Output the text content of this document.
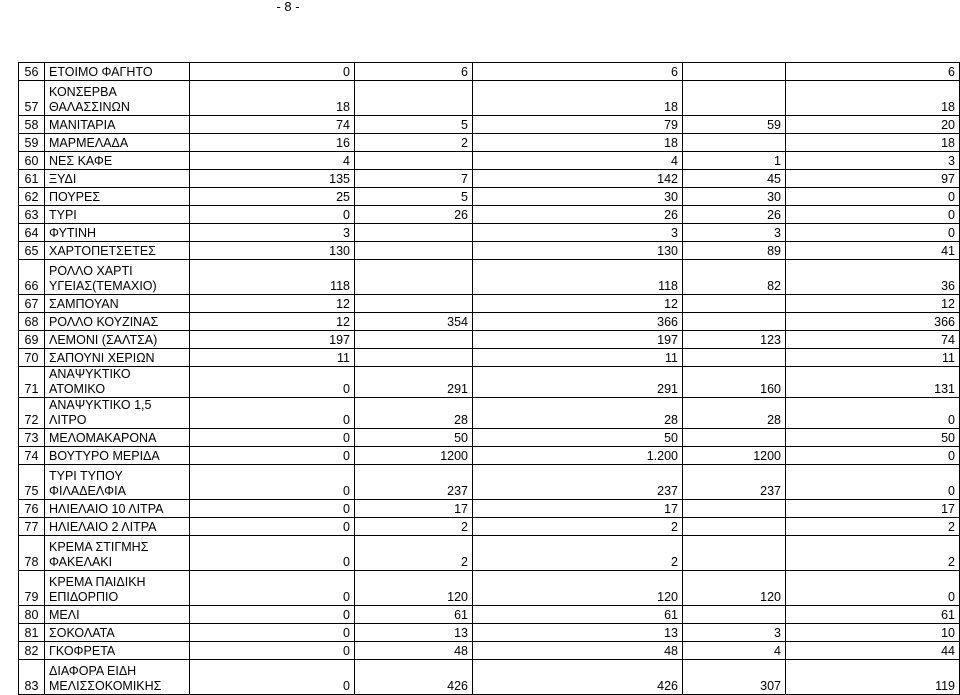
- 8 -
56	ΕΤΟΙΜΟ ΦΑΓΗΤΟ	0	6	6		6
57	ΚΟΝΣΕΡΒΑ ΘΑΛΑΣΣΙΝΩΝ	18		18		18
58	ΜΑΝΙΤΑΡΙΑ	74	5	79	59	20
59	ΜΑΡΜΕΛΑΔΑ	16	2	18		18
60	ΝΕΣ ΚΑΦΕ	4		4	1	3
61	ΞΥΔΙ	135	7	142	45	97
62	ΠΟΥΡΕΣ	25	5	30	30	0
63	ΤΥΡΙ	0	26	26	26	0
64	ΦΥΤΙΝΗ	3		3	3	0
65	ΧΑΡΤΟΠΕΤΣΕΤΕΣ	130		130	89	41
66	ΡΟΛΛΟ ΧΑΡΤΙ ΥΓΕΙΑΣ(ΤΕΜΑΧΙΟ)	118		118	82	36
67	ΣΑΜΠΟΥΑΝ	12		12		12
68	ΡΟΛΛΟ ΚΟΥΖΙΝΑΣ	12	354	366		366
69	ΛΕΜΟΝΙ (ΣΑΛΤΣΑ)	197		197	123	74
70	ΣΑΠΟΥΝΙ ΧΕΡΙΩΝ	11		11		11
71	ΑΝΑΨΥΚΤΙΚΟ ΑΤΟΜΙΚΟ	0	291	291	160	131
72	ΑΝΑΨΥΚΤΙΚΟ 1,5 ΛΙΤΡΟ	0	28	28	28	0
73	ΜΕΛΟΜΑΚΑΡΟΝΑ	0	50	50		50
74	ΒΟΥΤΥΡΟ ΜΕΡΙΔΑ	0	1200	1.200	1200	0
75	ΤΥΡΙ ΤΥΠΟΥ ΦΙΛΑΔΕΛΦΙΑ	0	237	237	237	0
76	ΗΛΙΕΛΑΙΟ 10 ΛΙΤΡΑ	0	17	17		17
77	ΗΛΙΕΛΑΙΟ 2 ΛΙΤΡΑ	0	2	2		2
78	ΚΡΕΜΑ ΣΤΙΓΜΗΣ ΦΑΚΕΛΑΚΙ	0	2	2		2
79	ΚΡΕΜΑ ΠΑΙΔΙΚΗ ΕΠΙΔΟΡΠΙΟ	0	120	120	120	0
80	ΜΕΛΙ	0	61	61		61
81	ΣΟΚΟΛΑΤΑ	0	13	13	3	10
82	ΓΚΟΦΡΕΤΑ	0	48	48	4	44
83	ΔΙΑΦΟΡΑ ΕΙΔΗ ΜΕΛΙΣΣΟΚΟΜΙΚΗΣ	0	426	426	307	119
